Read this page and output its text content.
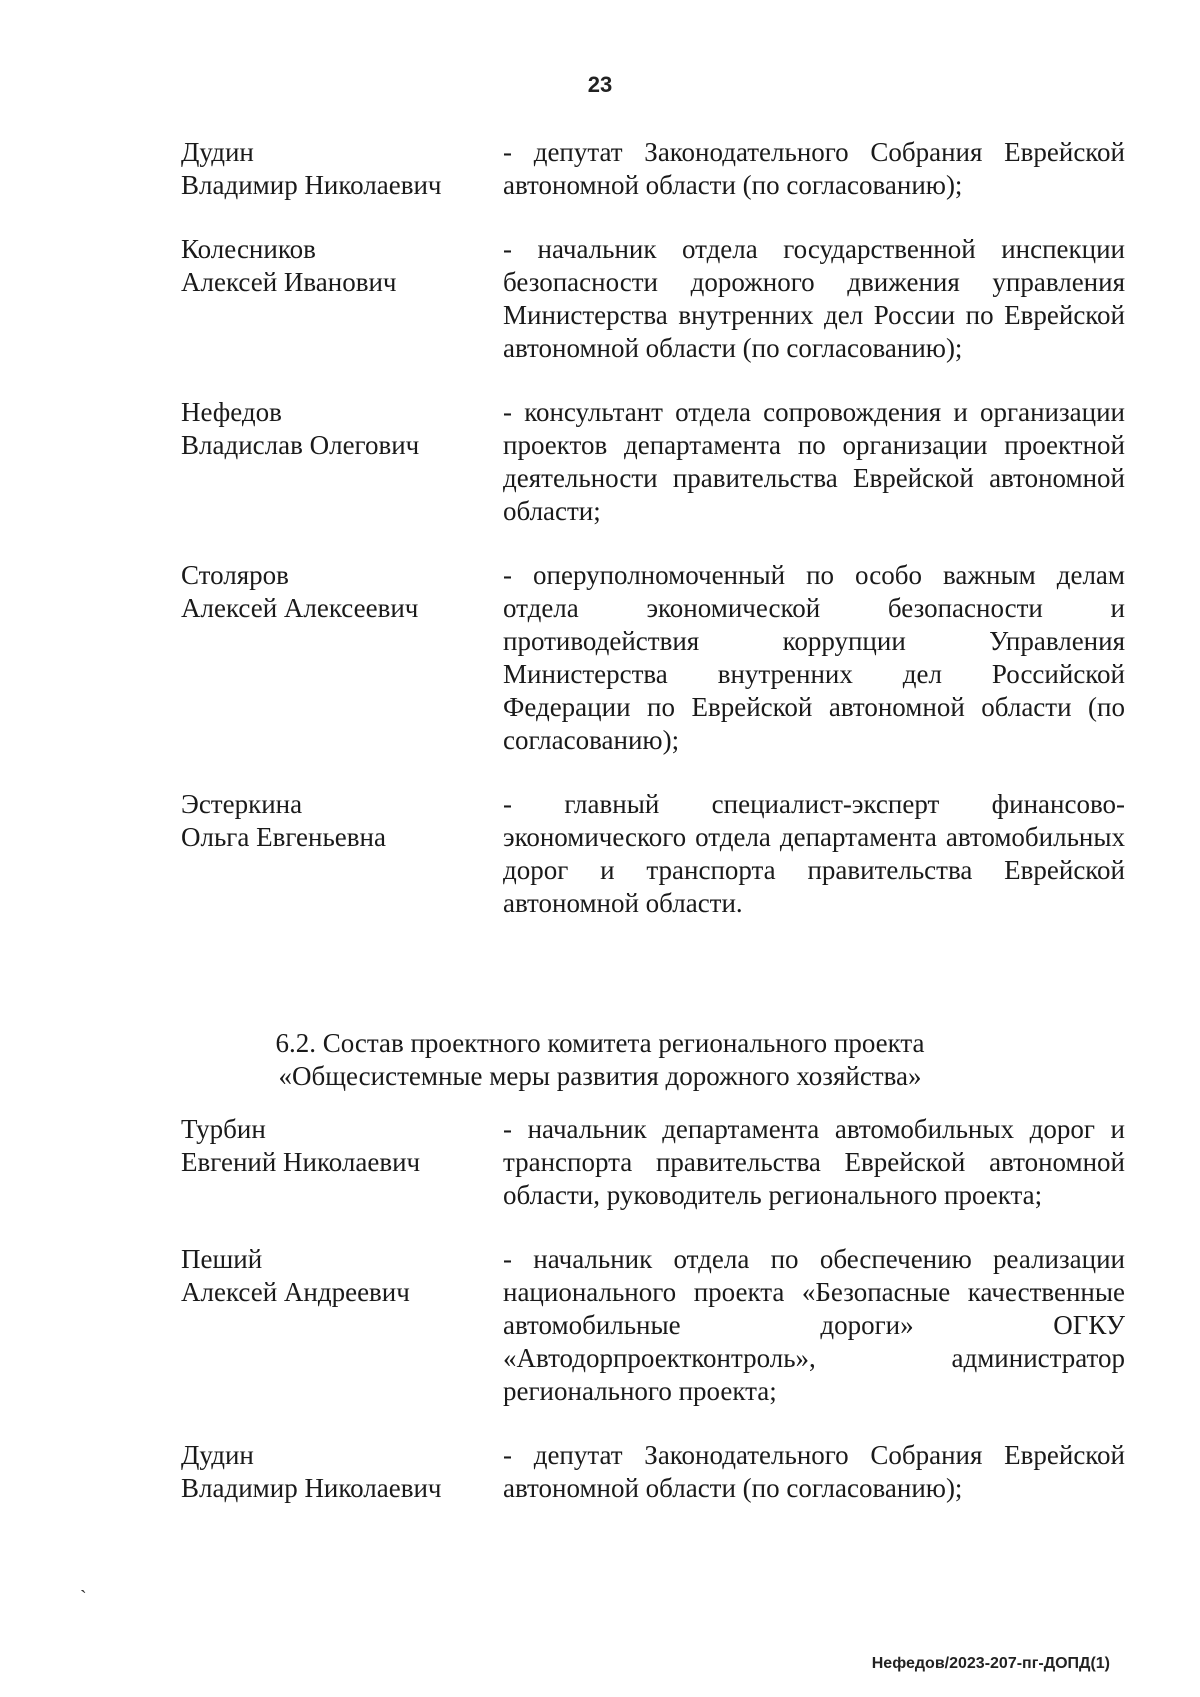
23
Дудин
Владимир Николаевич
- депутат Законодательного Собрания Еврейской автономной области (по согласованию);
Колесников
Алексей Иванович
- начальник отдела государственной инспекции безопасности дорожного движения управления Министерства внутренних дел России по Еврейской автономной области (по согласованию);
Нефедов
Владислав Олегович
- консультант отдела сопровождения и организации проектов департамента по организации проектной деятельности правительства Еврейской автономной области;
Столяров
Алексей Алексеевич
- оперуполномоченный по особо важным делам отдела экономической безопасности и противодействия коррупции Управления Министерства внутренних дел Российской Федерации по Еврейской автономной области (по согласованию);
Эстеркина
Ольга Евгеньевна
- главный специалист-эксперт финансово-экономического отдела департамента автомобильных дорог и транспорта правительства Еврейской автономной области.
6.2. Состав проектного комитета регионального проекта
«Общесистемные меры развития дорожного хозяйства»
Турбин
Евгений Николаевич
- начальник департамента автомобильных дорог и транспорта правительства Еврейской автономной области, руководитель регионального проекта;
Пеший
Алексей Андреевич
- начальник отдела по обеспечению реализации национального проекта «Безопасные качественные автомобильные дороги» ОГКУ «Автодорпроектконтроль», администратор регионального проекта;
Дудин
Владимир Николаевич
- депутат Законодательного Собрания Еврейской автономной области (по согласованию);
`
Нефедов/2023-207-пг-ДОПД(1)
